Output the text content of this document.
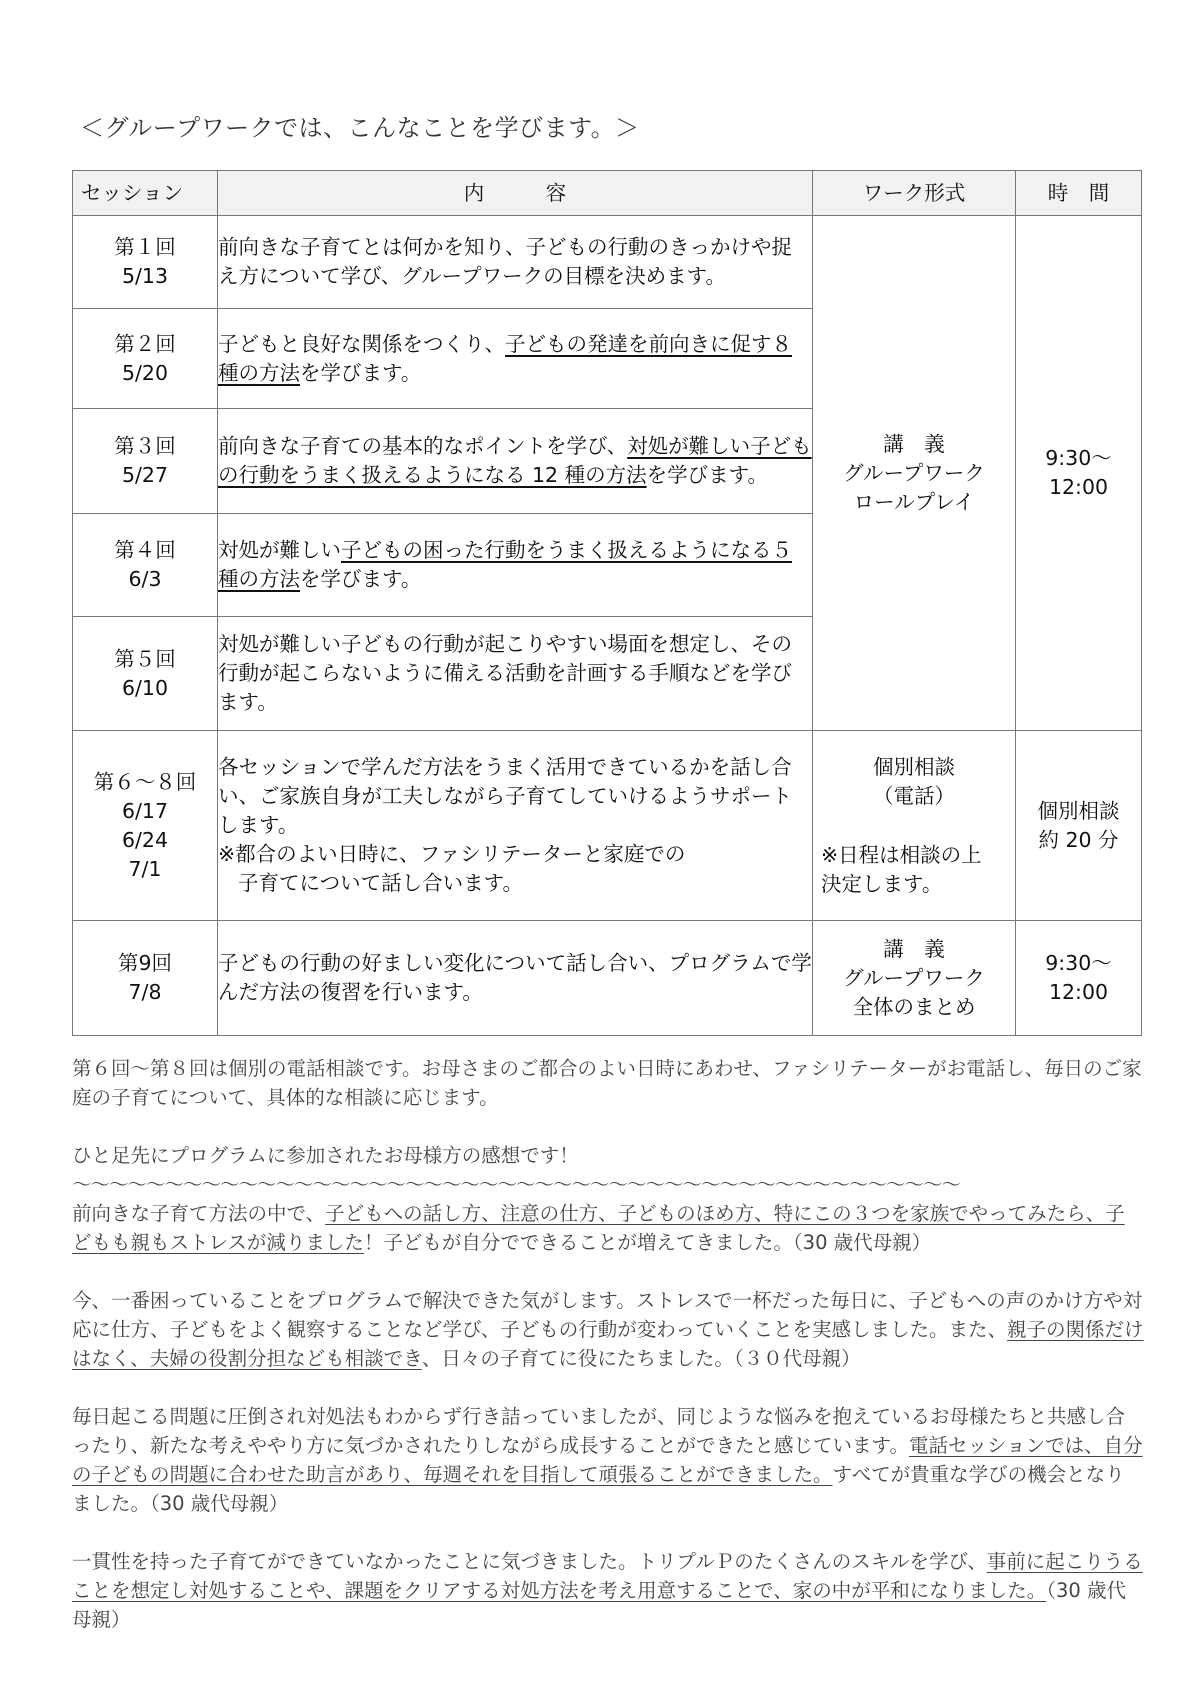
＜グループワークでは、こんなことを学びます。＞
セッション	内　　　容	ワーク形式	時　間

第１回
5/13	前向きな子育てとは何かを知り、子どもの行動のきっかけや捉え方について学び、グループワークの目標を決めます。	講　義
グループワーク
ロールプレイ	9:30～
12:00

第２回
5/20	子どもと良好な関係をつくり、子どもの発達を前向きに促す８種の方法を学びます。		

第３回
5/27	前向きな子育ての基本的なポイントを学び、対処が難しい子どもの行動をうまく扱えるようになる 12 種の方法を学びます。		

第４回
6/3	対処が難しい子どもの困った行動をうまく扱えるようになる５種の方法を学びます。		

第５回
6/10	対処が難しい子どもの行動が起こりやすい場面を想定し、その行動が起こらないように備える活動を計画する手順などを学びます。		

第６～８回
6/17
6/24
7/1	各セッションで学んだ方法をうまく活用できているかを話し合い、ご家族自身が工夫しながら子育てしていけるようサポートします。
※都合のよい日時に、ファシリテーターと家庭での
子育てについて話し合います。	個別相談
（電話）
※日程は相談の上
決定します。	個別相談
約 20 分

第9回
7/8	子どもの行動の好ましい変化について話し合い、プログラムで学んだ方法の復習を行います。	講　義
グループワーク
全体のまとめ	9:30～
12:00

第６回～第８回は個別の電話相談です。お母さまのご都合のよい日時にあわせ、ファシリテーターがお電話し、毎日のご家庭の子育てについて、具体的な相談に応じます。

ひと足先にプログラムに参加されたお母様方の感想です！

～～～～～～～～～～～～～～～～～～～～～～～～～～～～～～～～～～～～～～～～～～～～～～～～

前向きな子育て方法の中で、子どもへの話し方、注意の仕方、子どものほめ方、特にこの３つを家族でやってみたら、子どもも親もストレスが減りました！子どもが自分でできることが増えてきました。（30 歳代母親）

今、一番困っていることをプログラムで解決できた気がします。ストレスで一杯だった毎日に、子どもへの声のかけ方や対応に仕方、子どもをよく観察することなど学び、子どもの行動が変わっていくことを実感しました。また、親子の関係だけはなく、夫婦の役割分担なども相談でき、日々の子育てに役にたちました。（３０代母親）

毎日起こる問題に圧倒され対処法もわからず行き詰っていましたが、同じような悩みを抱えているお母様たちと共感し合ったり、新たな考えややり方に気づかされたりしながら成長することができたと感じています。電話セッションでは、自分の子どもの問題に合わせた助言があり、毎週それを目指して頑張ることができました。すべてが貴重な学びの機会となりました。（30 歳代母親）

一貫性を持った子育てができていなかったことに気づきました。トリプルＰのたくさんのスキルを学び、事前に起こりうることを想定し対処することや、課題をクリアする対処方法を考え用意することで、家の中が平和になりました。（30 歳代母親）
